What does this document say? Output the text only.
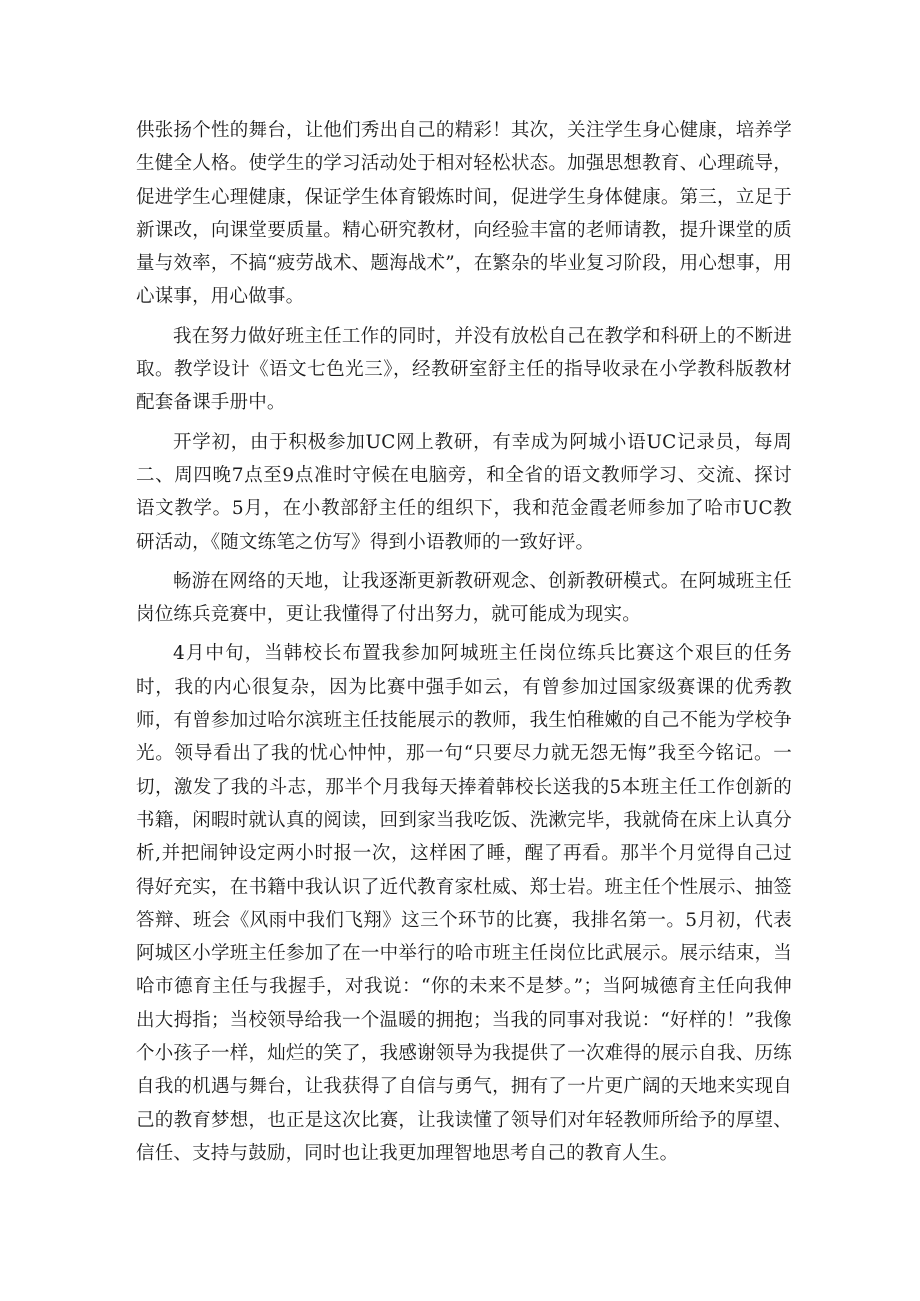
供张扬个性的舞台，让他们秀出自己的精彩！其次，关注学生身心健康，培养学生健全人格。使学生的学习活动处于相对轻松状态。加强思想教育、心理疏导，促进学生心理健康，保证学生体育锻炼时间，促进学生身体健康。第三，立足于新课改，向课堂要质量。精心研究教材，向经验丰富的老师请教，提升课堂的质量与效率，不搞“疲劳战术、题海战术”，在繁杂的毕业复习阶段，用心想事，用心谋事，用心做事。

我在努力做好班主任工作的同时，并没有放松自己在教学和科研上的不断进取。教学设计《语文七色光三》，经教研室舒主任的指导收录在小学教科版教材配套备课手册中。

开学初，由于积极参加UC网上教研，有幸成为阿城小语UC记录员，每周二、周四晚7点至9点准时守候在电脑旁，和全省的语文教师学习、交流、探讨语文教学。5月，在小教部舒主任的组织下，我和范金霞老师参加了哈市UC教研活动，《随文练笔之仿写》得到小语教师的一致好评。

畅游在网络的天地，让我逐渐更新教研观念、创新教研模式。在阿城班主任岗位练兵竞赛中，更让我懂得了付出努力，就可能成为现实。

4月中旬，当韩校长布置我参加阿城班主任岗位练兵比赛这个艰巨的任务时，我的内心很复杂，因为比赛中强手如云，有曾参加过国家级赛课的优秀教师，有曾参加过哈尔滨班主任技能展示的教师，我生怕稚嫩的自己不能为学校争光。领导看出了我的忧心忡忡，那一句“只要尽力就无怨无悔”我至今铭记。一切，激发了我的斗志，那半个月我每天捧着韩校长送我的5本班主任工作创新的书籍，闲暇时就认真的阅读，回到家当我吃饭、洗漱完毕，我就倚在床上认真分析,并把闹钟设定两小时报一次，这样困了睡，醒了再看。那半个月觉得自己过得好充实，在书籍中我认识了近代教育家杜威、郑士岩。班主任个性展示、抽签答辩、班会《风雨中我们飞翔》这三个环节的比赛，我排名第一。5月初，代表阿城区小学班主任参加了在一中举行的哈市班主任岗位比武展示。展示结束，当哈市德育主任与我握手，对我说：“你的未来不是梦。”；当阿城德育主任向我伸出大拇指；当校领导给我一个温暖的拥抱；当我的同事对我说：“好样的！”我像个小孩子一样，灿烂的笑了，我感谢领导为我提供了一次难得的展示自我、历练自我的机遇与舞台，让我获得了自信与勇气，拥有了一片更广阔的天地来实现自己的教育梦想，也正是这次比赛，让我读懂了领导们对年轻教师所给予的厚望、信任、支持与鼓励，同时也让我更加理智地思考自己的教育人生。
